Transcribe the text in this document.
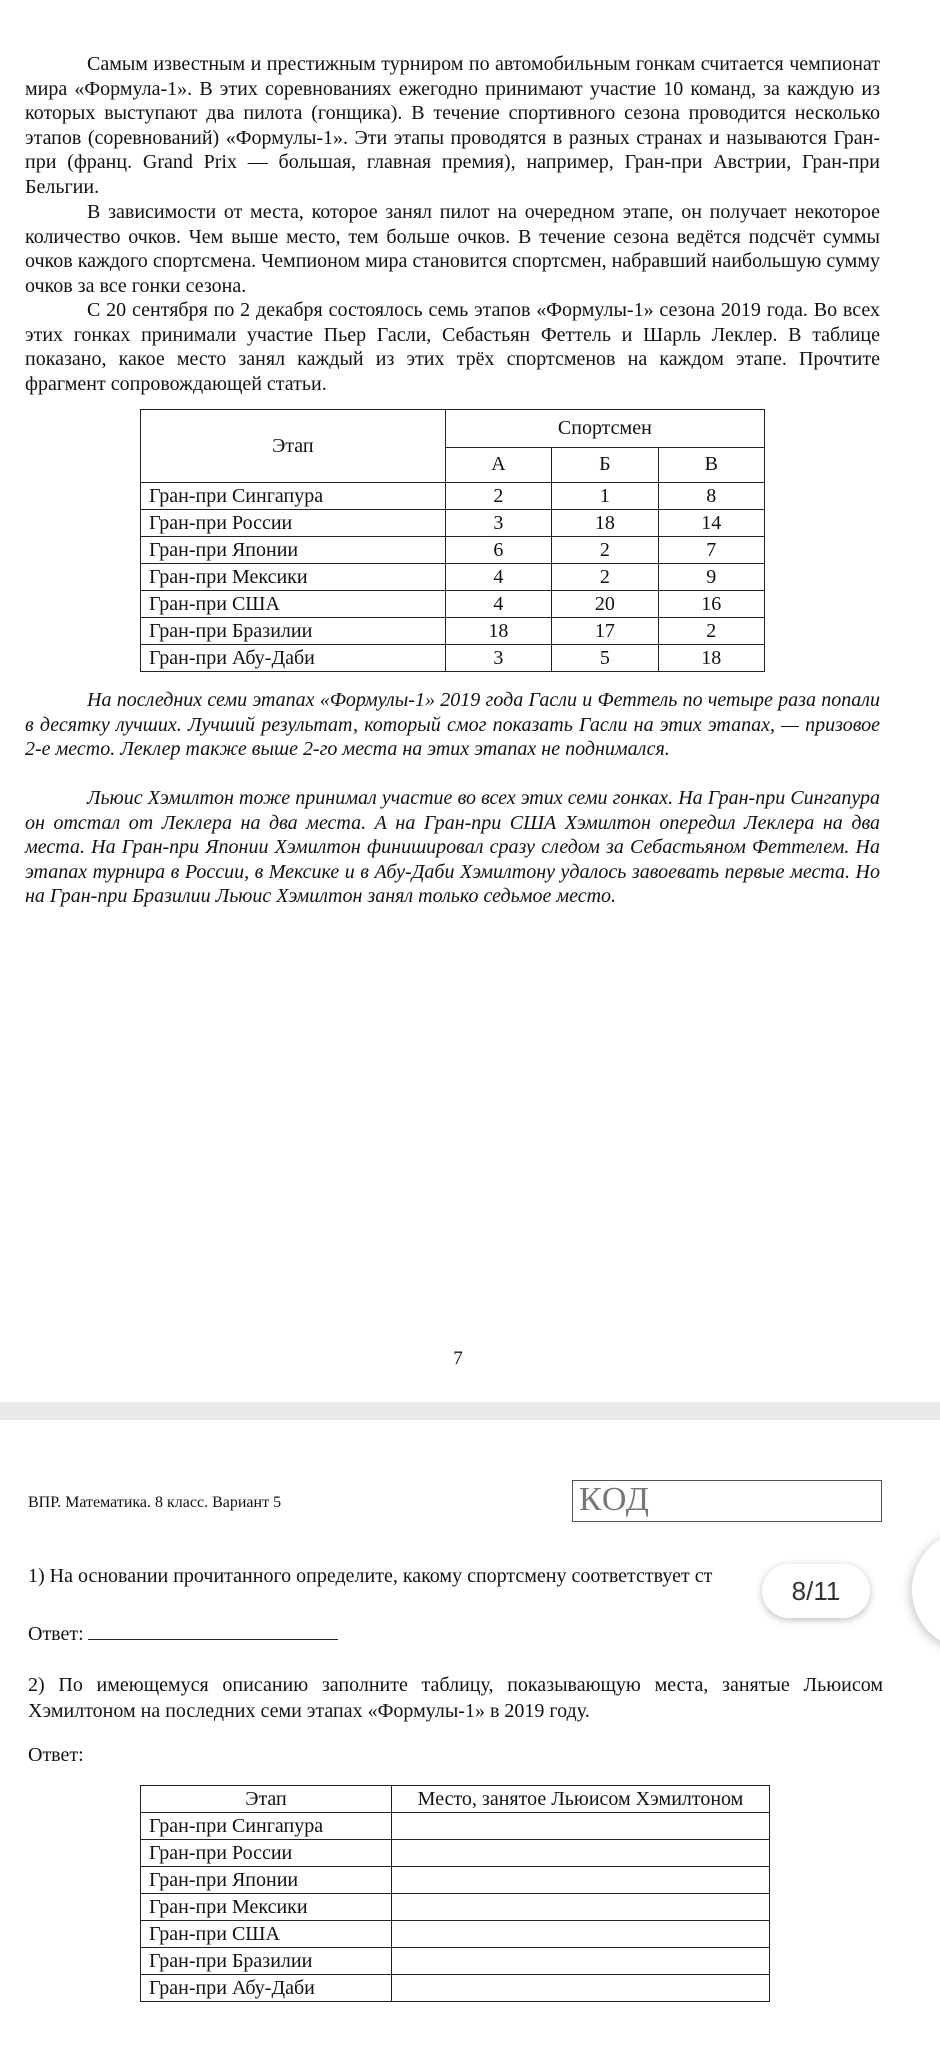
Самым известным и престижным турниром по автомобильным гонкам считается чемпионат мира «Формула-1». В этих соревнованиях ежегодно принимают участие 10 команд, за каждую из которых выступают два пилота (гонщика). В течение спортивного сезона проводится несколько этапов (соревнований) «Формулы-1». Эти этапы проводятся в разных странах и называются Гран-при (франц. Grand Prix — большая, главная премия), например, Гран-при Австрии, Гран-при Бельгии.

В зависимости от места, которое занял пилот на очередном этапе, он получает некоторое количество очков. Чем выше место, тем больше очков. В течение сезона ведётся подсчёт суммы очков каждого спортсмена. Чемпионом мира становится спортсмен, набравший наибольшую сумму очков за все гонки сезона.

С 20 сентября по 2 декабря состоялось семь этапов «Формулы-1» сезона 2019 года. Во всех этих гонках принимали участие Пьер Гасли, Себастьян Феттель и Шарль Леклер. В таблице показано, какое место занял каждый из этих трёх спортсменов на каждом этапе. Прочтите фрагмент сопровождающей статьи.

Этап	Спортсмен		
	А	Б	В
Гран-при Сингапура	2	1	8
Гран-при России	3	18	14
Гран-при Японии	6	2	7
Гран-при Мексики	4	2	9
Гран-при США	4	20	16
Гран-при Бразилии	18	17	2
Гран-при Абу-Даби	3	5	18

На последних семи этапах «Формулы-1» 2019 года Гасли и Феттель по четыре раза попали в десятку лучших. Лучший результат, который смог показать Гасли на этих этапах, — призовое 2-е место. Леклер также выше 2-го места на этих этапах не поднимался.

Льюис Хэмилтон тоже принимал участие во всех этих семи гонках. На Гран-при Сингапура он отстал от Леклера на два места. А на Гран-при США Хэмилтон опередил Леклера на два места. На Гран-при Японии Хэмилтон финишировал сразу следом за Себастьяном Феттелем. На этапах турнира в России, в Мексике и в Абу-Даби Хэмилтону удалось завоевать первые места. Но на Гран-при Бразилии Льюис Хэмилтон занял только седьмое место.

7
ВПР. Математика. 8 класс. Вариант 5	КОД
1) На основании прочитанного определите, какому спортсмену соответствует ст
Ответ:
2) По имеющемуся описанию заполните таблицу, показывающую места, занятые Льюисом Хэмилтоном на последних семи этапах «Формулы-1» в 2019 году.
Ответ:
Этап	Место, занятое Льюисом Хэмилтоном
Гран-при Сингапура	
Гран-при России	
Гран-при Японии	
Гран-при Мексики	
Гран-при США	
Гран-при Бразилии	
Гран-при Абу-Даби	
8/11
